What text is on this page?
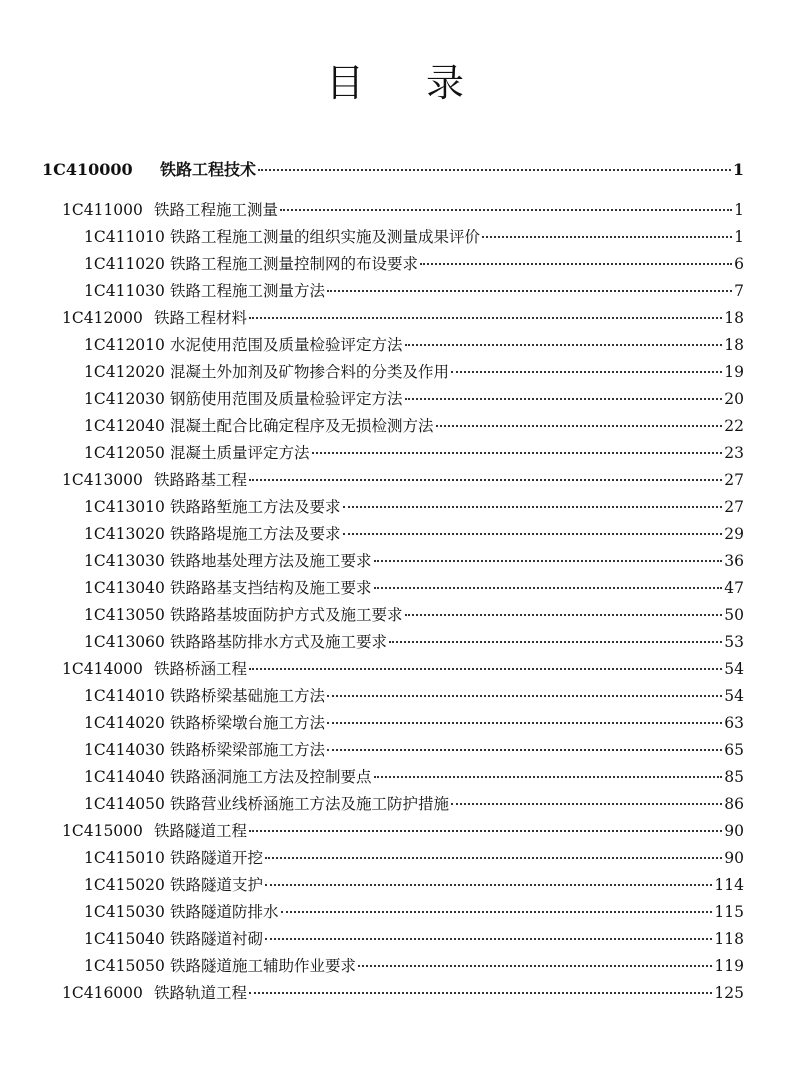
目 录
1C410000	铁路工程技术	1
1C411000 铁路工程施工测量	1
1C411010 铁路工程施工测量的组织实施及测量成果评价	1
1C411020 铁路工程施工测量控制网的布设要求	6
1C411030 铁路工程施工测量方法	7
1C412000 铁路工程材料	18
1C412010 水泥使用范围及质量检验评定方法	18
1C412020 混凝土外加剂及矿物掺合料的分类及作用	19
1C412030 钢筋使用范围及质量检验评定方法	20
1C412040 混凝土配合比确定程序及无损检测方法	22
1C412050 混凝土质量评定方法	23
1C413000 铁路路基工程	27
1C413010 铁路路堑施工方法及要求	27
1C413020 铁路路堤施工方法及要求	29
1C413030 铁路地基处理方法及施工要求	36
1C413040 铁路路基支挡结构及施工要求	47
1C413050 铁路路基坡面防护方式及施工要求	50
1C413060 铁路路基防排水方式及施工要求	53
1C414000 铁路桥涵工程	54
1C414010 铁路桥梁基础施工方法	54
1C414020 铁路桥梁墩台施工方法	63
1C414030 铁路桥梁梁部施工方法	65
1C414040 铁路涵洞施工方法及控制要点	85
1C414050 铁路营业线桥涵施工方法及施工防护措施	86
1C415000 铁路隧道工程	90
1C415010 铁路隧道开挖	90
1C415020 铁路隧道支护	114
1C415030 铁路隧道防排水	115
1C415040 铁路隧道衬砌	118
1C415050 铁路隧道施工辅助作业要求	119
1C416000 铁路轨道工程	125
